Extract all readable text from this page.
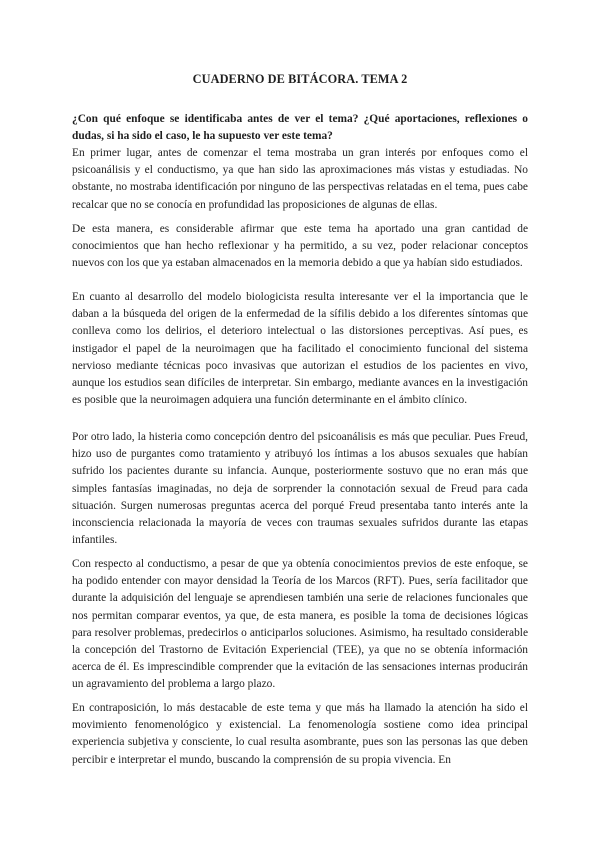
CUADERNO DE BITÁCORA. TEMA 2
¿Con qué enfoque se identificaba antes de ver el tema? ¿Qué aportaciones, reflexiones o dudas, si ha sido el caso, le ha supuesto ver este tema?

En primer lugar, antes de comenzar el tema mostraba un gran interés por enfoques como el psicoanálisis y el conductismo, ya que han sido las aproximaciones más vistas y estudiadas. No obstante, no mostraba identificación por ninguno de las perspectivas relatadas en el tema, pues cabe recalcar que no se conocía en profundidad las proposiciones de algunas de ellas.

De esta manera, es considerable afirmar que este tema ha aportado una gran cantidad de conocimientos que han hecho reflexionar y ha permitido, a su vez, poder relacionar conceptos nuevos con los que ya estaban almacenados en la memoria debido a que ya habían sido estudiados.

En cuanto al desarrollo del modelo biologicista resulta interesante ver el la importancia que le daban a la búsqueda del origen de la enfermedad de la sífilis debido a los diferentes síntomas que conlleva como los delirios, el deterioro intelectual o las distorsiones perceptivas. Así pues, es instigador el papel de la neuroimagen que ha facilitado el conocimiento funcional del sistema nervioso mediante técnicas poco invasivas que autorizan el estudios de los pacientes en vivo, aunque los estudios sean difíciles de interpretar. Sin embargo, mediante avances en la investigación es posible que la neuroimagen adquiera una función determinante en el ámbito clínico.

Por otro lado, la histeria como concepción dentro del psicoanálisis es más que peculiar. Pues Freud, hizo uso de purgantes como tratamiento y atribuyó los íntimas a los abusos sexuales que habían sufrido los pacientes durante su infancia. Aunque, posteriormente sostuvo que no eran más que simples fantasías imaginadas, no deja de sorprender la connotación sexual de Freud para cada situación. Surgen numerosas preguntas acerca del porqué Freud presentaba tanto interés ante la inconsciencia relacionada la mayoría de veces con traumas sexuales sufridos durante las etapas infantiles.

Con respecto al conductismo, a pesar de que ya obtenía conocimientos previos de este enfoque, se ha podido entender con mayor densidad la Teoría de los Marcos (RFT). Pues, sería facilitador que durante la adquisición del lenguaje se aprendiesen también una serie de relaciones funcionales que nos permitan comparar eventos, ya que, de esta manera, es posible la toma de decisiones lógicas para resolver problemas, predecirlos o anticiparlos soluciones. Asimismo, ha resultado considerable la concepción del Trastorno de Evitación Experiencial (TEE), ya que no se obtenía información acerca de él. Es imprescindible comprender que la evitación de las sensaciones internas producirán un agravamiento del problema a largo plazo.

En contraposición, lo más destacable de este tema y que más ha llamado la atención ha sido el movimiento fenomenológico y existencial. La fenomenología sostiene como idea principal experiencia subjetiva y consciente, lo cual resulta asombrante, pues son las personas las que deben percibir e interpretar el mundo, buscando la comprensión de su propia vivencia. En
